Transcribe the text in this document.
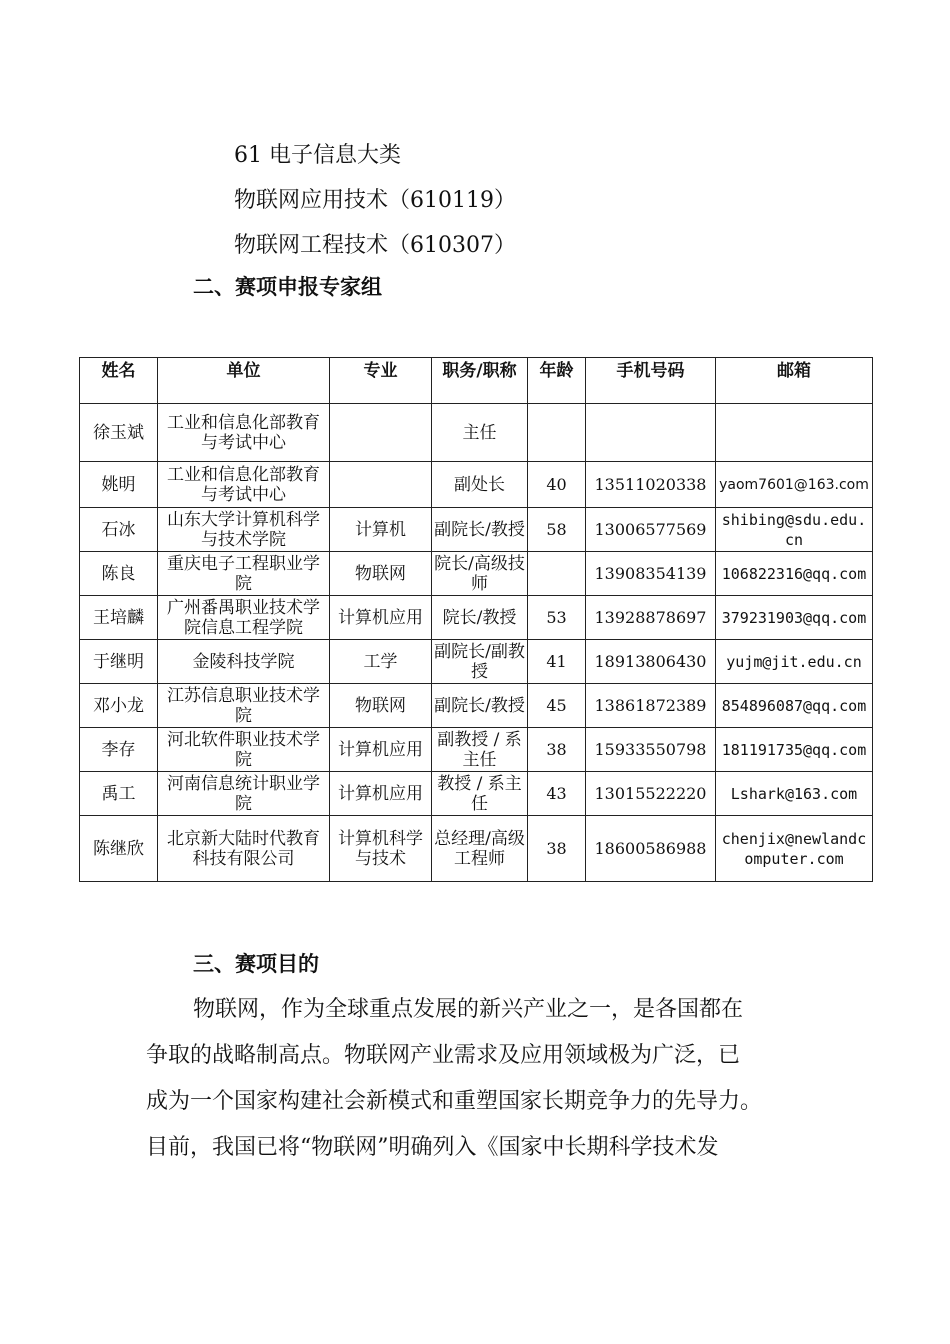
61 电子信息大类
物联网应用技术（610119）
物联网工程技术（610307）
二、赛项申报专家组
姓名	单位	专业	职务/职称	年龄	手机号码	邮箱
徐玉斌	工业和信息化部教育与考试中心		主任			
姚明	工业和信息化部教育与考试中心		副处长	40	13511020338	yaom7601@163.com
石冰	山东大学计算机科学与技术学院	计算机	副院长/教授	58	13006577569	shibing@sdu.edu.cn
陈良	重庆电子工程职业学院	物联网	院长/高级技师		13908354139	106822316@qq.com
王培麟	广州番禺职业技术学院信息工程学院	计算机应用	院长/教授	53	13928878697	379231903@qq.com
于继明	金陵科技学院	工学	副院长/副教授	41	18913806430	yujm@jit.edu.cn
邓小龙	江苏信息职业技术学院	物联网	副院长/教授	45	13861872389	854896087@qq.com
李存	河北软件职业技术学院	计算机应用	副教授 / 系主任	38	15933550798	181191735@qq.com
禹工	河南信息统计职业学院	计算机应用	教授 / 系主任	43	13015522220	Lshark@163.com
陈继欣	北京新大陆时代教育科技有限公司	计算机科学与技术	总经理/高级工程师	38	18600586988	chenjix@newlandcomputer.com
三、赛项目的

物联网，作为全球重点发展的新兴产业之一，是各国都在

争取的战略制高点。物联网产业需求及应用领域极为广泛，已

成为一个国家构建社会新模式和重塑国家长期竞争力的先导力。

目前，我国已将“物联网”明确列入《国家中长期科学技术发
